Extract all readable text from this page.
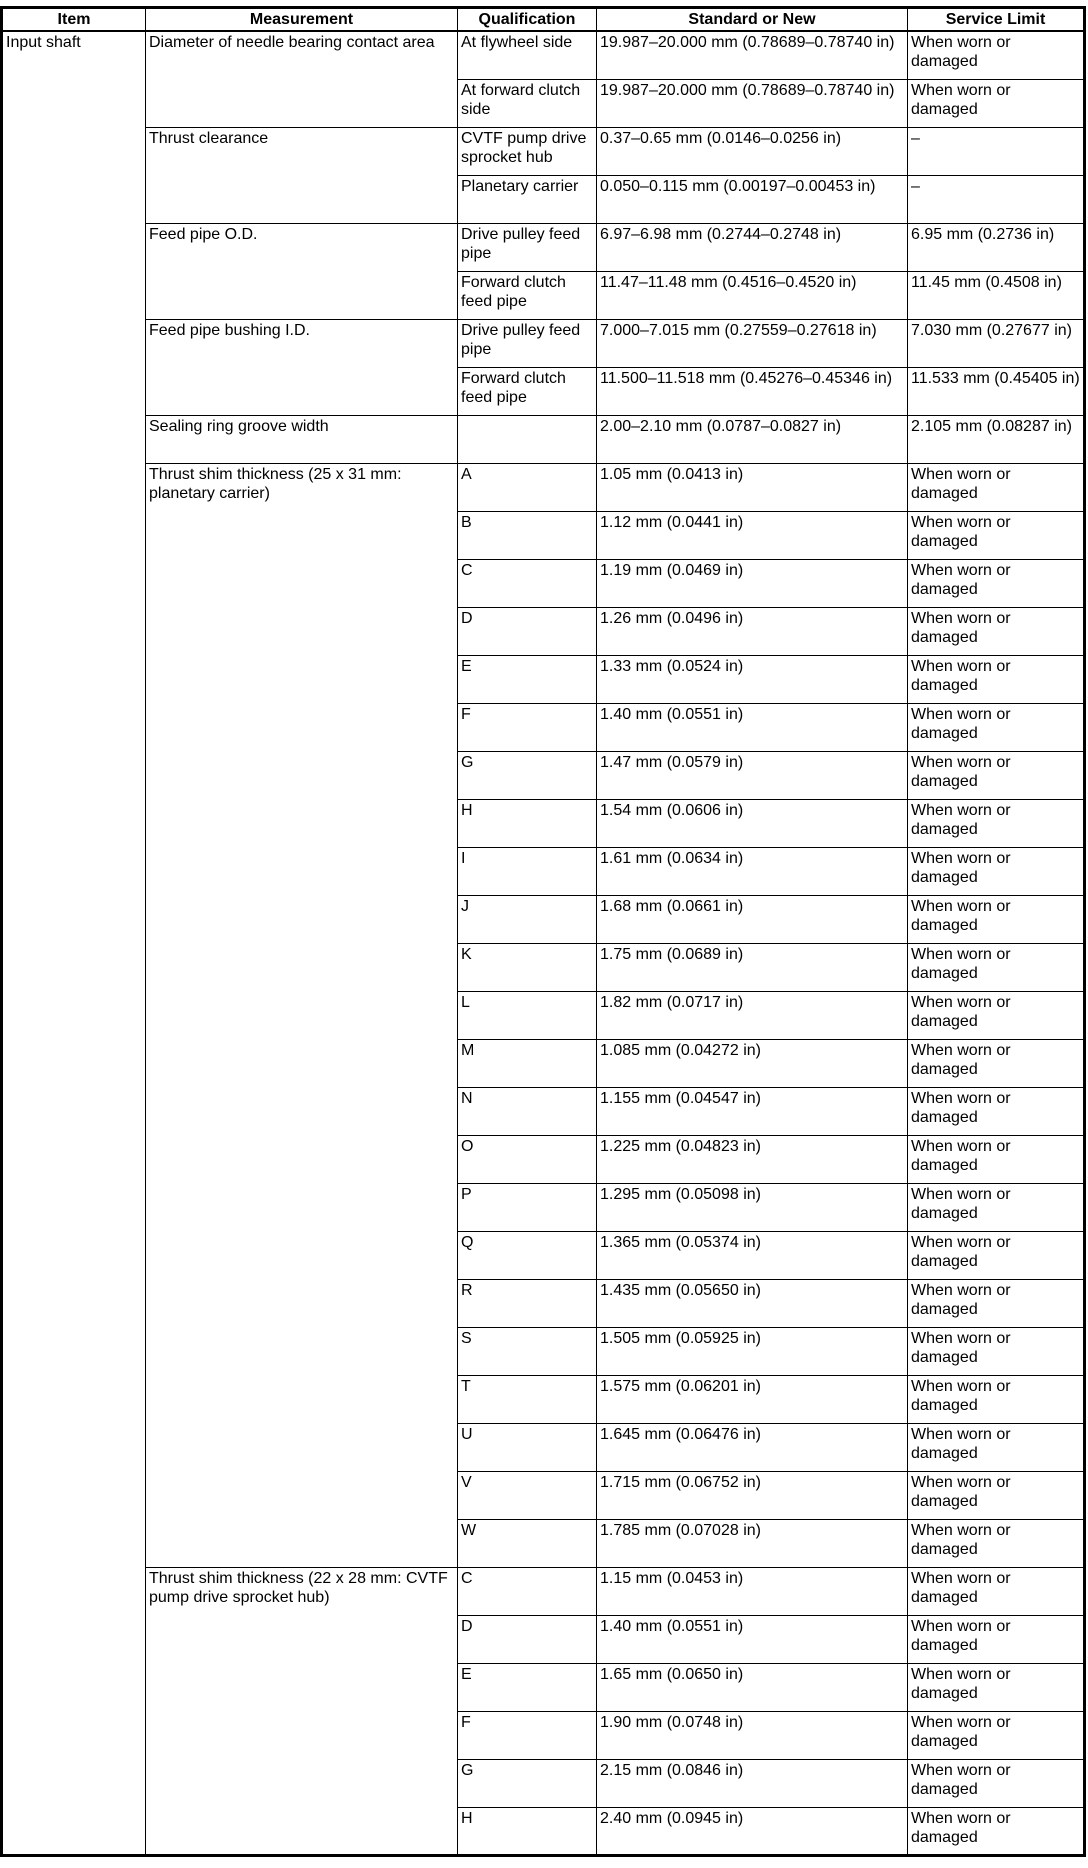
Item	Measurement	Qualification	Standard or New	Service Limit
Input shaft	Diameter of needle bearing contact area	At flywheel side	19.987–20.000 mm (0.78689–0.78740 in)	When worn or damaged
		At forward clutch side	19.987–20.000 mm (0.78689–0.78740 in)	When worn or damaged
	Thrust clearance	CVTF pump drive sprocket hub	0.37–0.65 mm (0.0146–0.0256 in)	–
		Planetary carrier	0.050–0.115 mm (0.00197–0.00453 in)	–
	Feed pipe O.D.	Drive pulley feed pipe	6.97–6.98 mm (0.2744–0.2748 in)	6.95 mm (0.2736 in)
		Forward clutch feed pipe	11.47–11.48 mm (0.4516–0.4520 in)	11.45 mm (0.4508 in)
	Feed pipe bushing I.D.	Drive pulley feed pipe	7.000–7.015 mm (0.27559–0.27618 in)	7.030 mm (0.27677 in)
		Forward clutch feed pipe	11.500–11.518 mm (0.45276–0.45346 in)	11.533 mm (0.45405 in)
	Sealing ring groove width		2.00–2.10 mm (0.0787–0.0827 in)	2.105 mm (0.08287 in)
	Thrust shim thickness (25 x 31 mm: planetary carrier)	A	1.05 mm (0.0413 in)	When worn or damaged
		B	1.12 mm (0.0441 in)	When worn or damaged
		C	1.19 mm (0.0469 in)	When worn or damaged
		D	1.26 mm (0.0496 in)	When worn or damaged
		E	1.33 mm (0.0524 in)	When worn or damaged
		F	1.40 mm (0.0551 in)	When worn or damaged
		G	1.47 mm (0.0579 in)	When worn or damaged
		H	1.54 mm (0.0606 in)	When worn or damaged
		I	1.61 mm (0.0634 in)	When worn or damaged
		J	1.68 mm (0.0661 in)	When worn or damaged
		K	1.75 mm (0.0689 in)	When worn or damaged
		L	1.82 mm (0.0717 in)	When worn or damaged
		M	1.085 mm (0.04272 in)	When worn or damaged
		N	1.155 mm (0.04547 in)	When worn or damaged
		O	1.225 mm (0.04823 in)	When worn or damaged
		P	1.295 mm (0.05098 in)	When worn or damaged
		Q	1.365 mm (0.05374 in)	When worn or damaged
		R	1.435 mm (0.05650 in)	When worn or damaged
		S	1.505 mm (0.05925 in)	When worn or damaged
		T	1.575 mm (0.06201 in)	When worn or damaged
		U	1.645 mm (0.06476 in)	When worn or damaged
		V	1.715 mm (0.06752 in)	When worn or damaged
		W	1.785 mm (0.07028 in)	When worn or damaged
	Thrust shim thickness (22 x 28 mm: CVTF pump drive sprocket hub)	C	1.15 mm (0.0453 in)	When worn or damaged
		D	1.40 mm (0.0551 in)	When worn or damaged
		E	1.65 mm (0.0650 in)	When worn or damaged
		F	1.90 mm (0.0748 in)	When worn or damaged
		G	2.15 mm (0.0846 in)	When worn or damaged
		H	2.40 mm (0.0945 in)	When worn or damaged
